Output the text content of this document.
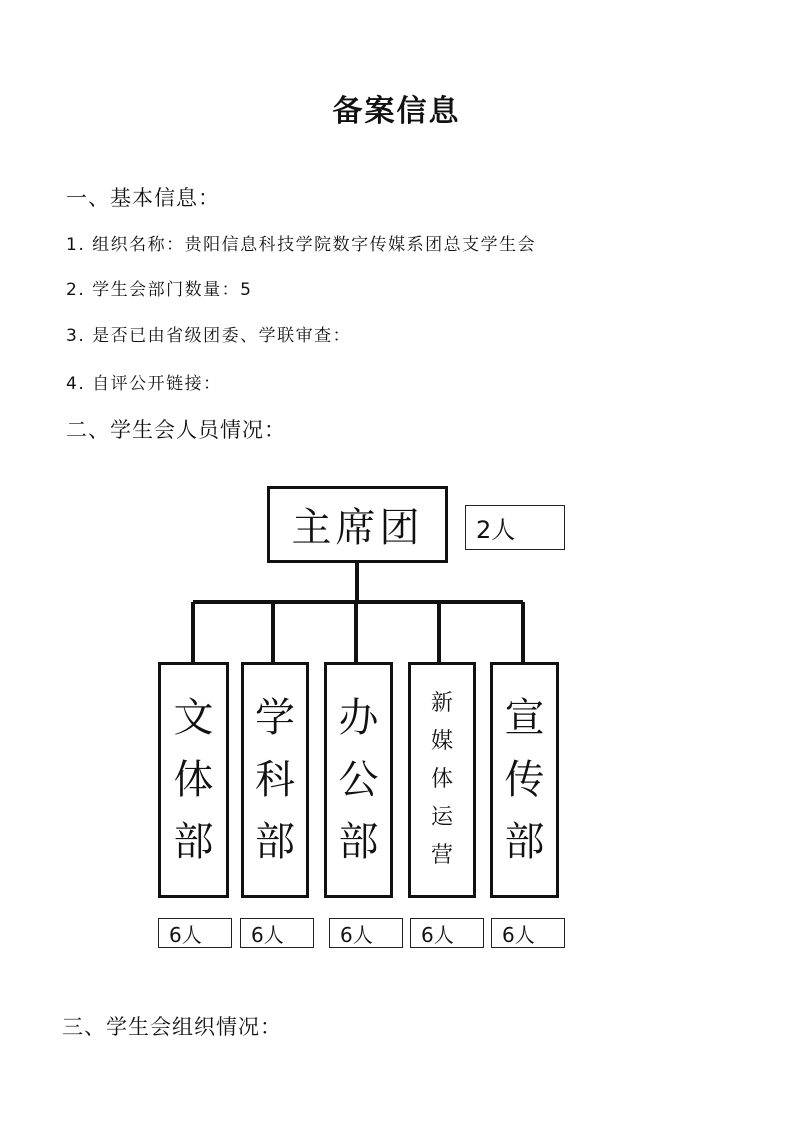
备案信息
一、基本信息：
1. 组织名称：贵阳信息科技学院数字传媒系团总支学生会
2. 学生会部门数量：5
3. 是否已由省级团委、学联审查：
4. 自评公开链接：
二、学生会人员情况：
主席团	2人
文
体
部
学
科
部
办
公
部
新
媒
体
运
营
宣
传
部
6人	6人	6人	6人	6人
三、学生会组织情况：
